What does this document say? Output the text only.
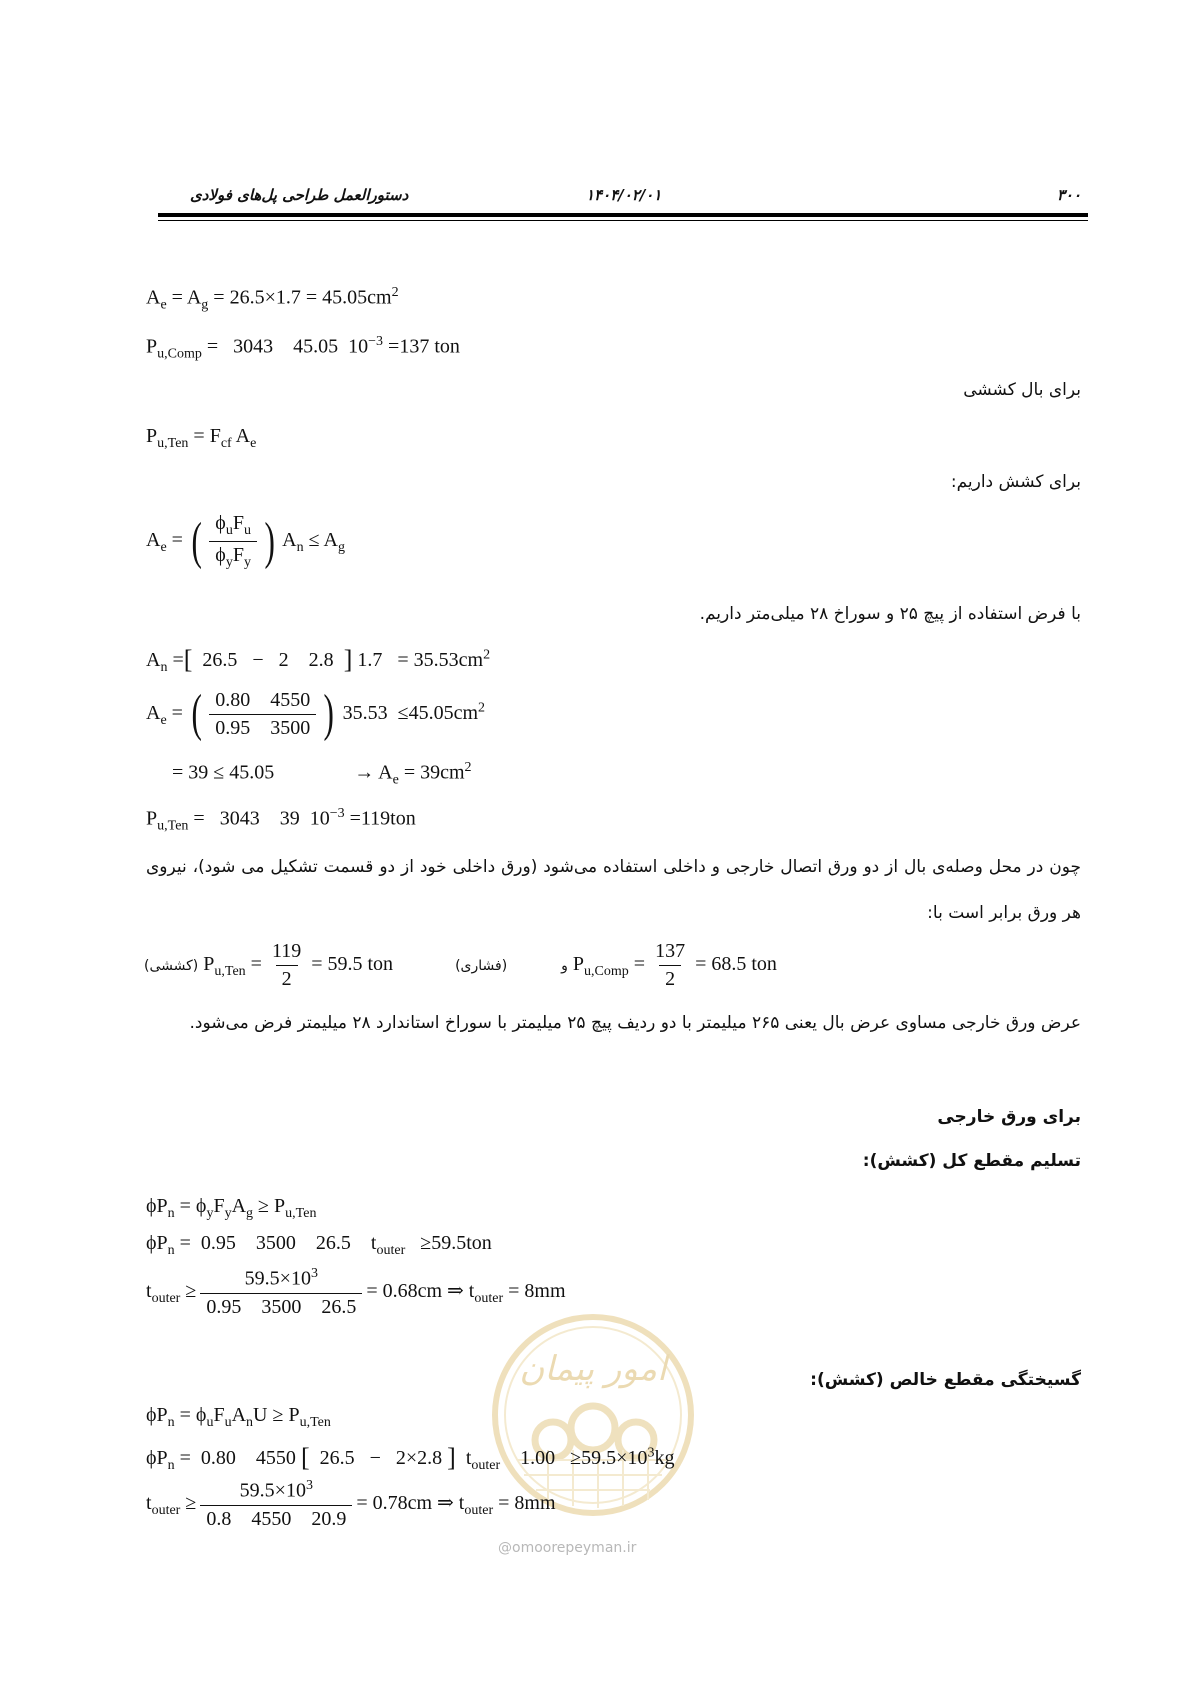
۳۰۰
۱۴۰۴/۰۲/۰۱
دستورالعمل طراحی پل‌های فولادی
$A_e = A_g = 26.5\times 1.7 = 45.05cm^2$
$P_{u,Comp} = 3043$    45.05  $10^{-3} =137$ ton
برای بال کششی
$P_{u,Ten} = F_{cf}$ $A_e$
برای کشش داریم:
$A_e$ = ( $\frac{\phi_uF_u}{\phi_yF_y}$ ) $A_n \le A_g$
با فرض استفاده از پیچ ۲۵ و سوراخ ۲۸ میلی‌متر داریم.
$A_n$ =[  26.5   −   2    2.8  ] $1.7 = 35.53cm^2$
$A_e$ = ( $\frac{0.80 4550}{0.95 3500}$ ) $35.53 \le 45.05cm^2$
= 39 ≤ 45.05                → $A_e = 39cm^2$
$P_{u,Ten} = 3043$    39  $10^{-3} =119ton$
چون در محل وصله‌ی بال از دو ورق اتصال خارجی و داخلی استفاده می‌شود (ورق داخلی خود از دو قسمت تشکیل می شود)، نیروی هر ورق برابر است با:
(کششی) $P_{u,Ten} = \frac{119}{2} = 59.5$ ton	و  (فشاری)	$P_{u,Comp} = \frac{137}{2} = 68.5$ ton
عرض ورق خارجی مساوی عرض بال یعنی ۲۶۵ میلیمتر با دو ردیف پیچ ۲۵ میلیمتر با سوراخ استاندارد ۲۸ میلیمتر فرض می‌شود.
برای ورق خارجی
تسلیم مقطع کل (کشش):
$\phi P_n = \phi_yF_yA_g \ge P_{u,Ten}$
$\phi P_n = 0.95$    3500    26.5    $t_{outer} \ge 59.5ton$
$t_{outer} \ge \frac{59.5\times 10^3}{0.95 3500 26.5} = 0.68cm$ ⇒ $t_{outer} = 8mm$
گسیختگی مقطع خالص (کشش):
امور پیمان
@omoorepeyman.ir
$\phi P_n = \phi_uF_uA_nU \ge P_{u,Ten}$
$\phi P_n = 0.80$    4550 [  26.5   −   2×2.8 ]  $t_{outer}$    $1.00 \ge 59.5\times 10^3kg$
$t_{outer} \ge \frac{59.5\times 10^3}{0.8 4550 20.9} = 0.78cm$ ⇒ $t_{outer} = 8mm$
